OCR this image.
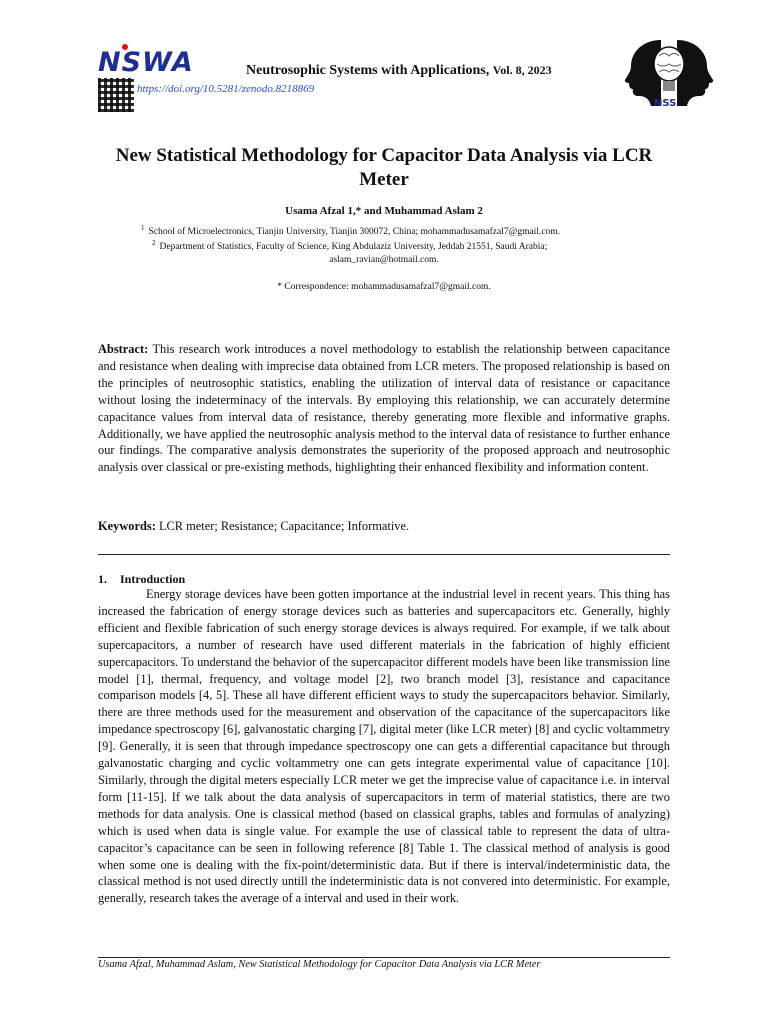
NSWA	Neutrosophic Systems with Applications, Vol. 8, 2023
https://doi.org/10.5281/zenodo.8218869
NSS
New Statistical Methodology for Capacitor Data Analysis via LCR Meter
Usama Afzal 1,* and Muhammad Aslam 2
$^1$ School of Microelectronics, Tianjin University, Tianjin 300072, China; mohammadusamafzal7@gmail.com.
$^2$ Department of Statistics, Faculty of Science, King Abdulaziz University, Jeddah 21551, Saudi Arabia;
aslam_ravian@hotmail.com.
* Correspondence: mohammadusamafzal7@gmail.com.

Abstract: This research work introduces a novel methodology to establish the relationship between capacitance and resistance when dealing with imprecise data obtained from LCR meters. The proposed relationship is based on the principles of neutrosophic statistics, enabling the utilization of interval data of resistance or capacitance without losing the indeterminacy of the intervals. By employing this relationship, we can accurately determine capacitance values from interval data of resistance, thereby generating more flexible and informative graphs. Additionally, we have applied the neutrosophic analysis method to the interval data of resistance to further enhance our findings. The comparative analysis demonstrates the superiority of the proposed approach and neutrosophic analysis over classical or pre-existing methods, highlighting their enhanced flexibility and information content.

Keywords: LCR meter; Resistance; Capacitance; Informative.

1. Introduction

Energy storage devices have been gotten importance at the industrial level in recent years. This thing has increased the fabrication of energy storage devices such as batteries and supercapacitors etc. Generally, highly efficient and flexible fabrication of such energy storage devices is always required. For example, if we talk about supercapacitors, a number of research have used different materials in the fabrication of highly efficient supercapacitors. To understand the behavior of the supercapacitor different models have been like transmission line model [1], thermal, frequency, and voltage model [2], two branch model [3], resistance and capacitance comparison models [4, 5]. These all have different efficient ways to study the supercapacitors behavior. Similarly, there are three methods used for the measurement and observation of the capacitance of the supercapacitors like impedance spectroscopy [6], galvanostatic charging [7], digital meter (like LCR meter) [8] and cyclic voltammetry [9]. Generally, it is seen that through impedance spectroscopy one can gets a differential capacitance but through galvanostatic charging and cyclic voltammetry one can gets integrate experimental value of capacitance [10]. Similarly, through the digital meters especially LCR meter we get the imprecise value of capacitance i.e. in interval form [11-15]. If we talk about the data analysis of supercapacitors in term of material statistics, there are two methods for data analysis. One is classical method (based on classical graphs, tables and formulas of analyzing) which is used when data is single value. For example the use of classical table to represent the data of ultra-capacitor’s capacitance can be seen in following reference [8] Table 1. The classical method of analysis is good when some one is dealing with the fix-point/deterministic data. But if there is interval/indeterministic data, the classical method is not used directly untill the indeterministic data is not convered into deterministic. For example, generally, research takes the average of a interval and used in their work.

Usama Afzal, Muhammad Aslam, New Statistical Methodology for Capacitor Data Analysis via LCR Meter
